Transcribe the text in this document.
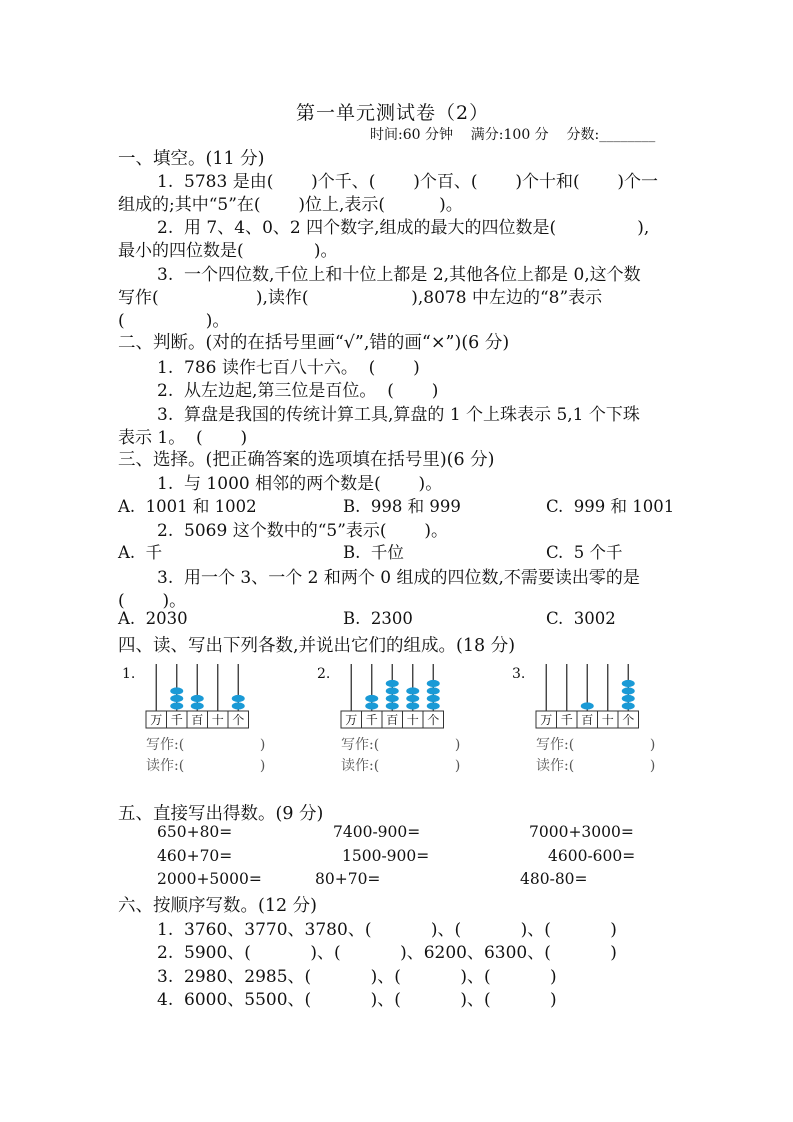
第一单元测试卷（2）
时间:60 分钟    满分:100 分    分数:________
一、填空。(11 分)
1.  5783 是由(       )个千、(       )个百、(       )个十和(       )个一
组成的;其中“5”在(       )位上,表示(          )。
2.  用 7、4、0、2 四个数字,组成的最大的四位数是(               ),
最小的四位数是(             )。
3.  一个四位数,千位上和十位上都是 2,其他各位上都是 0,这个数
写作(                  ),读作(                   ),8078 中左边的“8”表示
(               )。
二、判断。(对的在括号里画“√”,错的画“×”)(6 分)
1.  786 读作七百八十六。  (       )
2.  从左边起,第三位是百位。  (       )
3.  算盘是我国的传统计算工具,算盘的 1 个上珠表示 5,1 个下珠
表示 1。  (       )
三、选择。(把正确答案的选项填在括号里)(6 分)
1.  与 1000 相邻的两个数是(       )。
A.  1001 和 1002	B.  998 和 999	C.  999 和 1001
2.  5069 这个数中的“5”表示(       )。
A.  千	B.  千位	C.  5 个千
3.  用一个 3、一个 2 和两个 0 组成的四位数,不需要读出零的是
(       )。
A.  2030	B.  2300	C.  3002
四、读、写出下列各数,并说出它们的组成。(18 分)
1.
万 千 百 十 个
写作:(                 )
读作:(                 )
2.
万 千 百 十 个
写作:(                 )
读作:(                 )
3.
万 千 百 十 个
写作:(                 )
读作:(                 )
五、直接写出得数。(9 分)
650+80=	7400-900=	7000+3000=
460+70=	1500-900=	4600-600=
2000+5000=	80+70=	480-80=
六、按顺序写数。(12 分)
1.  3760、3770、3780、(           )、(           )、(           )
2.  5900、(           )、(           )、6200、6300、(           )
3.  2980、2985、(           )、(           )、(           )
4.  6000、5500、(           )、(           )、(           )
